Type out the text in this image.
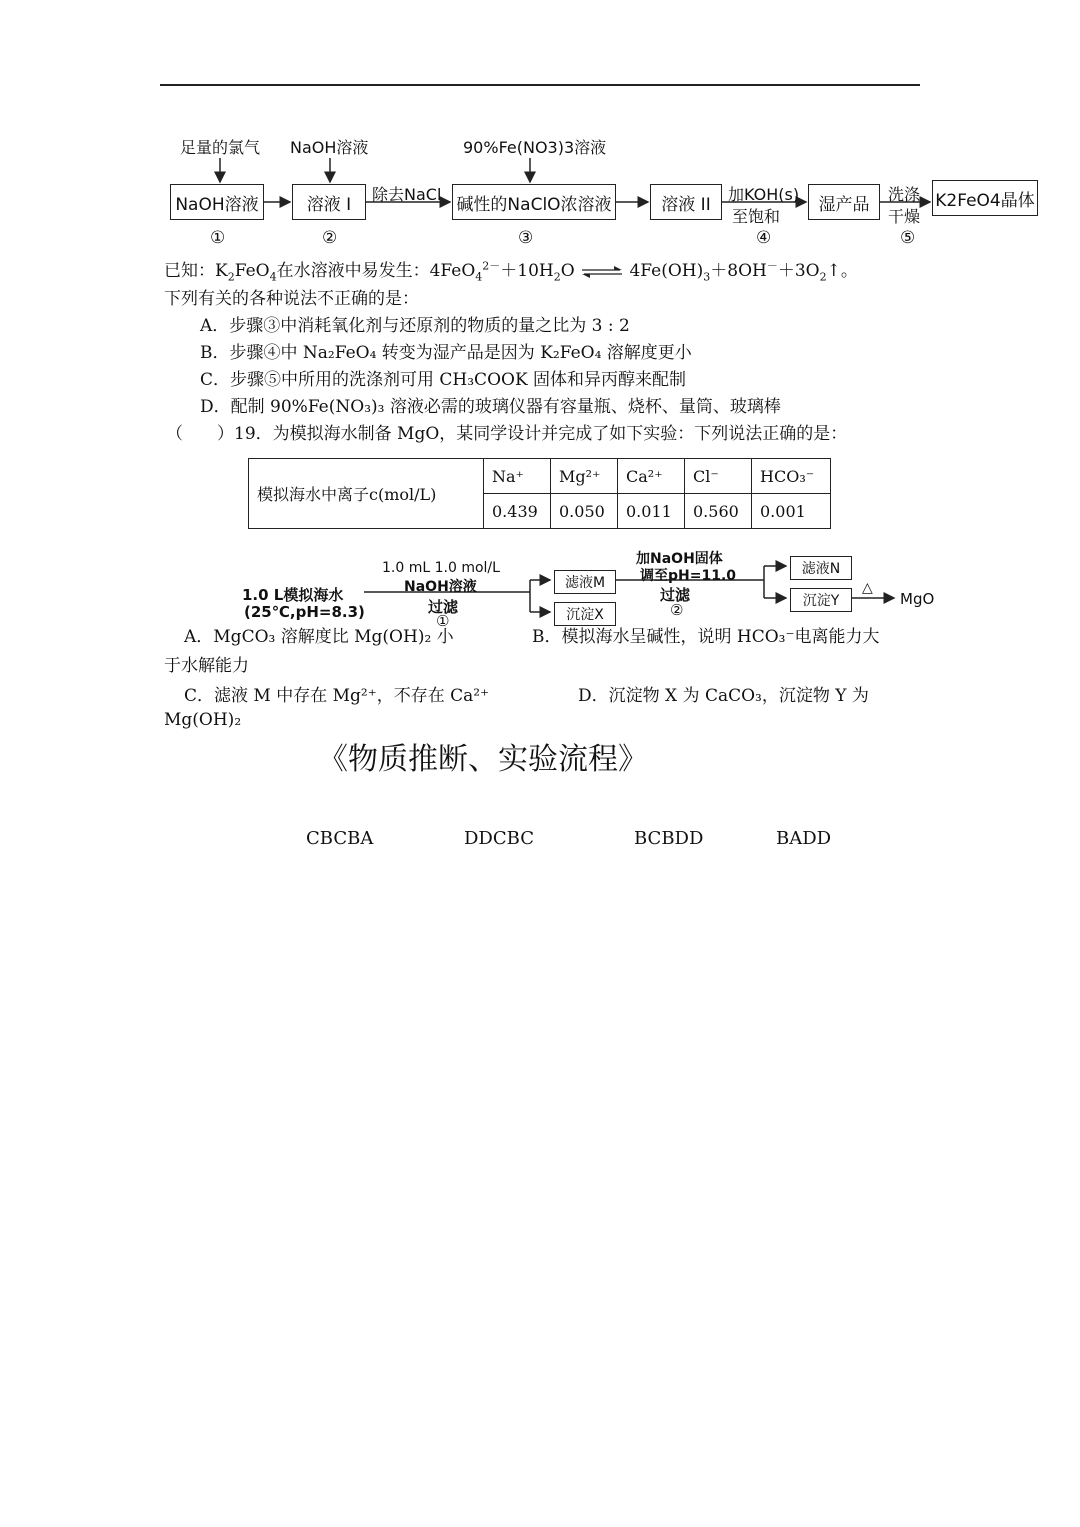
足量的氯气 NaOH溶液	90%Fe(NO3)3溶液
NaOH溶液	溶液 I	碱性的NaClO浓溶液	溶液 II	湿产品	K2FeO4晶体
除去NaCl	加KOH(s)
至饱和
洗涤
干燥
①	②	③	④	⑤
已知：$K_2FeO_4$在水溶液中易发生：$4FeO_4^{2-}+10H_2O$ ⇌ $4Fe(OH)_3+8OH^-+3O_2↑$。
下列有关的各种说法不正确的是：
A．步骤③中消耗氧化剂与还原剂的物质的量之比为 3 : 2
B．步骤④中 Na₂FeO₄ 转变为湿产品是因为 K₂FeO₄ 溶解度更小
C．步骤⑤中所用的洗涤剂可用 CH₃COOK 固体和异丙醇来配制
D．配制 90%Fe(NO₃)₃ 溶液必需的玻璃仪器有容量瓶、烧杯、量筒、玻璃棒
（　　）19．为模拟海水制备 MgO，某同学设计并完成了如下实验：下列说法正确的是：
模拟海水中离子c(mol/L)	Na⁺	Mg²⁺	Ca²⁺	Cl⁻	HCO₃⁻
	0.439	0.050	0.011	0.560	0.001
1.0 L模拟海水
(25℃,pH=8.3)
1.0 mL 1.0 mol/L
NaOH溶液
过滤
①
滤液M
沉淀X
加NaOH固体
调至pH=11.0
过滤
②
滤液N
沉淀Y
△
MgO
A．MgCO₃ 溶解度比 Mg(OH)₂ 小	B．模拟海水呈碱性，说明 HCO₃⁻电离能力大
于水解能力
C．滤液 M 中存在 Mg²⁺，不存在 Ca²⁺	D．沉淀物 X 为 CaCO₃，沉淀物 Y 为
Mg(OH)₂
《物质推断、实验流程》
CBCBA	DDCBC	BCBDD	BADD
